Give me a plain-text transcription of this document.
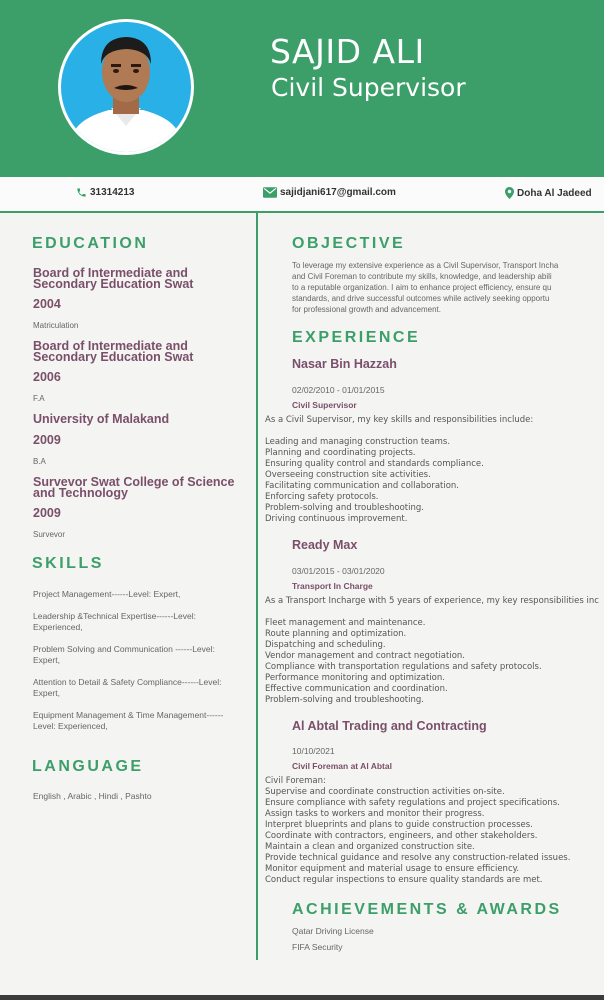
SAJID ALI
Civil Supervisor
31314213	sajidjani617@gmail.com	Doha Al Jadeed
EDUCATION
Board of Intermediate and Secondary Education Swat
2004
Matriculation
Board of Intermediate and Secondary Education Swat
2006
F.A
University of Malakand
2009
B.A
Survevor Swat College of Science and Technology
2009
Survevor
SKILLS
Project Management------Level: Expert,
Leadership &Technical Expertise------Level: Experienced,
Problem Solving and Communication ------Level: Expert,
Attention to Detail & Safety Compliance------Level: Expert,
Equipment Management & Time Management------Level: Experienced,
LANGUAGE
English , Arabic , Hindi , Pashto
OBJECTIVE
To leverage my extensive experience as a Civil Supervisor, Transport Incha
and Civil Foreman to contribute my skills, knowledge, and leadership abili
to a reputable organization. I aim to enhance project efficiency, ensure qu
standards, and drive successful outcomes while actively seeking opportu
for professional growth and advancement.
EXPERIENCE
Nasar Bin Hazzah
02/02/2010 - 01/01/2015
Civil Supervisor
As a Civil Supervisor, my key skills and responsibilities include:
Leading and managing construction teams.
Planning and coordinating projects.
Ensuring quality control and standards compliance.
Overseeing construction site activities.
Facilitating communication and collaboration.
Enforcing safety protocols.
Problem-solving and troubleshooting.
Driving continuous improvement.
Ready Max
03/01/2015 - 03/01/2020
Transport In Charge
As a Transport Incharge with 5 years of experience, my key responsibilities inc
Fleet management and maintenance.
Route planning and optimization.
Dispatching and scheduling.
Vendor management and contract negotiation.
Compliance with transportation regulations and safety protocols.
Performance monitoring and optimization.
Effective communication and coordination.
Problem-solving and troubleshooting.
Al Abtal Trading and Contracting
10/10/2021
Civil Foreman at Al Abtal
Civil Foreman:
Supervise and coordinate construction activities on-site.
Ensure compliance with safety regulations and project specifications.
Assign tasks to workers and monitor their progress.
Interpret blueprints and plans to guide construction processes.
Coordinate with contractors, engineers, and other stakeholders.
Maintain a clean and organized construction site.
Provide technical guidance and resolve any construction-related issues.
Monitor equipment and material usage to ensure efficiency.
Conduct regular inspections to ensure quality standards are met.
ACHIEVEMENTS & AWARDS
Qatar Driving License
FIFA Security
